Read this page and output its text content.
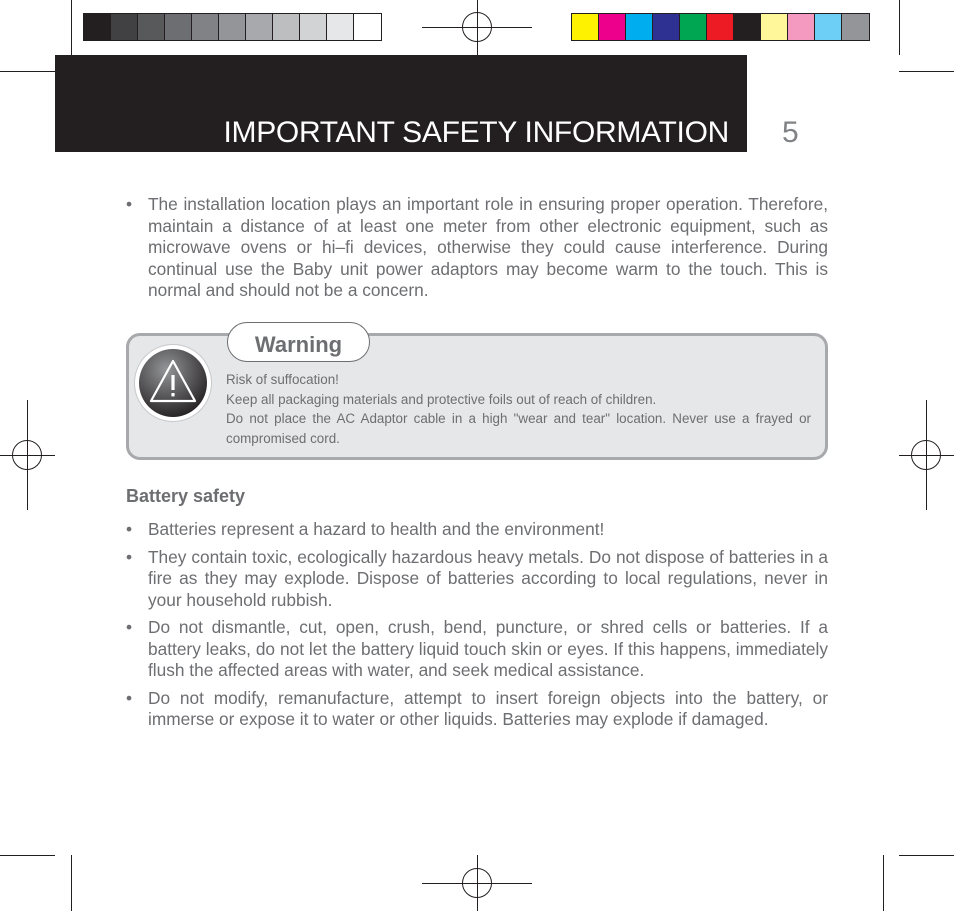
IMPORTANT SAFETY INFORMATION 5
• The installation location plays an important role in ensuring proper operation. Therefore, maintain a distance of at least one meter from other electronic equipment, such as microwave ovens or hi–fi devices, otherwise they could cause interference. During continual use the Baby unit power adaptors may become warm to the touch. This is normal and should not be a concern.
Warning
Risk of suffocation!
Keep all packaging materials and protective foils out of reach of children.
Do not place the AC Adaptor cable in a high "wear and tear" location. Never use a frayed or compromised cord.
Battery safety
• Batteries represent a hazard to health and the environment!
• They contain toxic, ecologically hazardous heavy metals. Do not dispose of batteries in a fire as they may explode. Dispose of batteries according to local regulations, never in your household rubbish.
• Do not dismantle, cut, open, crush, bend, puncture, or shred cells or batteries. If a battery leaks, do not let the battery liquid touch skin or eyes. If this happens, immediately flush the affected areas with water, and seek medical assistance.
• Do not modify, remanufacture, attempt to insert foreign objects into the battery, or immerse or expose it to water or other liquids. Batteries may explode if damaged.
